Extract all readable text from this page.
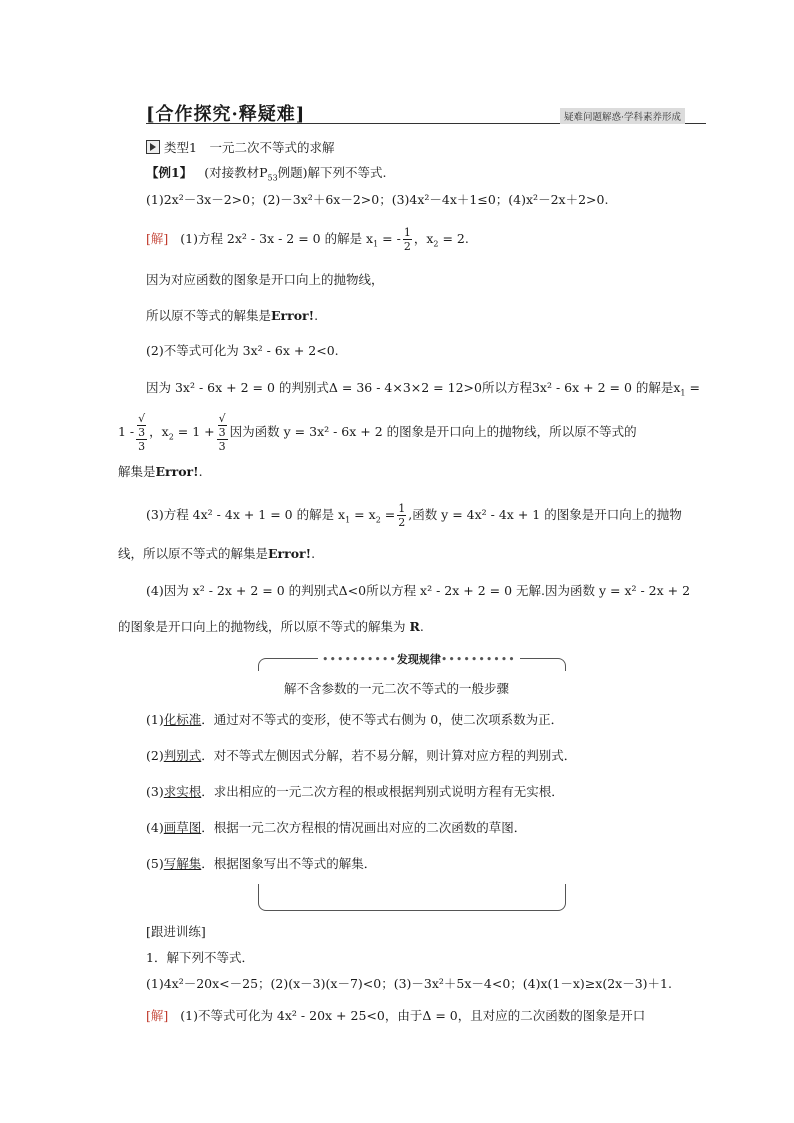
[合作探究·释疑难]	疑难问题解惑·学科素养形成
类型1　一元二次不等式的求解
【例1】 (对接教材$P_{53}$例题)解下列不等式.
(1)2x²－3x－2>0；(2)－3x²＋6x－2>0；(3)4x²－4x＋1≤0；(4)x²－2x＋2>0.
[解] (1)方程 2x² - 3x - 2 = 0 的解是 $x_1$ = - $\frac{1}{2}$ ，$x_2 = 2$.
因为对应函数的图象是开口向上的抛物线，
所以原不等式的解集是Error!.
(2)不等式可化为 3x² - 6x + 2<0.
因为 3x² - 6x + 2 = 0 的判别式Δ = 36 - 4×3×2 = 12>0所以方程3x² - 6x + 2 = 0 的解是$x_1$ =
1 - √
3
3 ，$x_2 = 1$ + √
3
3 因为函数 y = 3x² - 6x + 2 的图象是开口向上的抛物线，所以原不等式的
解集是Error!.
(3)方程 4x² - 4x + 1 = 0 的解是 $x_1 = x_2 = \frac{1}{2}$ ,函数 y = 4x² - 4x + 1 的图象是开口向上的抛物
线，所以原不等式的解集是Error!.
(4)因为 x² - 2x + 2 = 0 的判别式Δ<0所以方程 x² - 2x + 2 = 0 无解.因为函数 y = x² - 2x + 2
的图象是开口向上的抛物线，所以原不等式的解集为 R.
••••••••••发现规律••••••••••
解不含参数的一元二次不等式的一般步骤
(1)化标准．通过对不等式的变形，使不等式右侧为 0，使二次项系数为正．
(2)判别式．对不等式左侧因式分解，若不易分解，则计算对应方程的判别式．
(3)求实根．求出相应的一元二次方程的根或根据判别式说明方程有无实根．
(4)画草图．根据一元二次方程根的情况画出对应的二次函数的草图．
(5)写解集．根据图象写出不等式的解集．
[跟进训练]
1．解下列不等式．
(1)4x²－20x<－25；(2)(x－3)(x－7)<0；(3)－3x²＋5x－4<0；(4)x(1－x)≥x(2x－3)＋1.
[解] (1)不等式可化为 4x² - 20x + 25<0，由于Δ = 0，且对应的二次函数的图象是开口
